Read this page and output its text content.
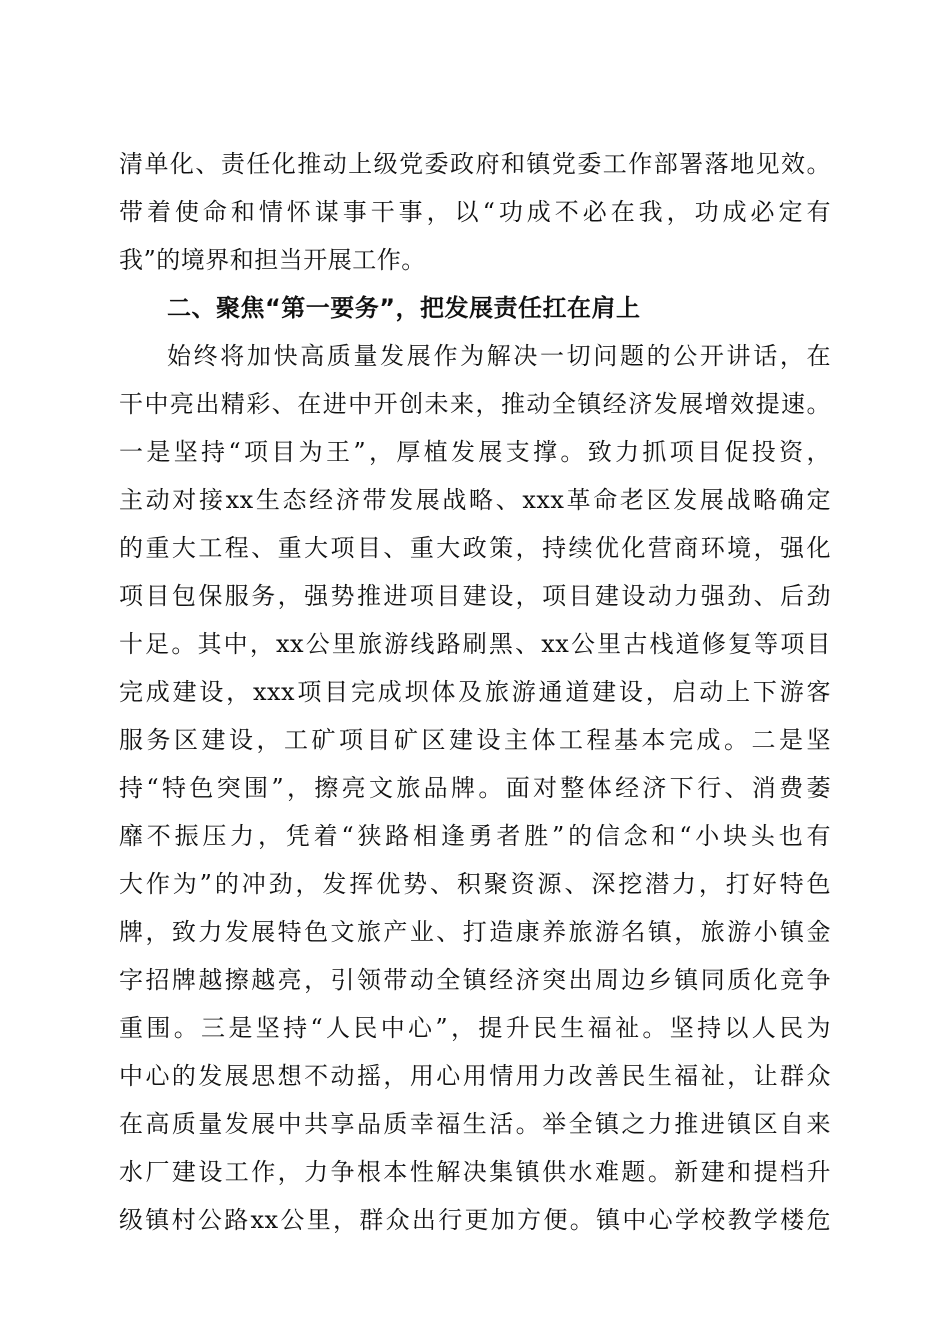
清单化、责任化推动上级党委政府和镇党委工作部署落地见效。
带着使命和情怀谋事干事，以“功成不必在我，功成必定有
我”的境界和担当开展工作。
二、聚焦“第一要务”，把发展责任扛在肩上
始终将加快高质量发展作为解决一切问题的公开讲话，在
干中亮出精彩、在进中开创未来，推动全镇经济发展增效提速。
一是坚持“项目为王”，厚植发展支撑。致力抓项目促投资，
主动对接xx生态经济带发展战略、xxx革命老区发展战略确定
的重大工程、重大项目、重大政策，持续优化营商环境，强化
项目包保服务，强势推进项目建设，项目建设动力强劲、后劲
十足。其中，xx公里旅游线路刷黑、xx公里古栈道修复等项目
完成建设，xxx项目完成坝体及旅游通道建设，启动上下游客
服务区建设，工矿项目矿区建设主体工程基本完成。二是坚
持“特色突围”，擦亮文旅品牌。面对整体经济下行、消费萎
靡不振压力，凭着“狭路相逢勇者胜”的信念和“小块头也有
大作为”的冲劲，发挥优势、积聚资源、深挖潜力，打好特色
牌，致力发展特色文旅产业、打造康养旅游名镇，旅游小镇金
字招牌越擦越亮，引领带动全镇经济突出周边乡镇同质化竞争
重围。三是坚持“人民中心”，提升民生福祉。坚持以人民为
中心的发展思想不动摇，用心用情用力改善民生福祉，让群众
在高质量发展中共享品质幸福生活。举全镇之力推进镇区自来
水厂建设工作，力争根本性解决集镇供水难题。新建和提档升
级镇村公路xx公里，群众出行更加方便。镇中心学校教学楼危
